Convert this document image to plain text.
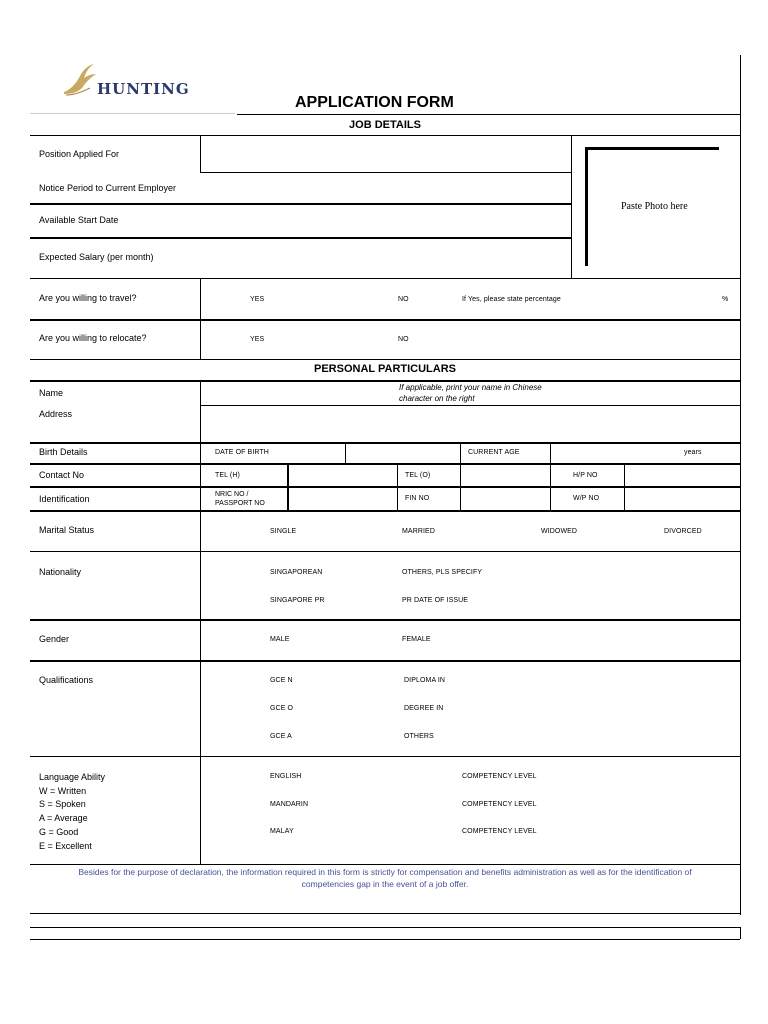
HUNTING
APPLICATION FORM
JOB DETAILS
Position Applied For
Notice Period to Current Employer
Available Start Date
Expected Salary (per month)
Paste Photo here
Are you willing to travel?	YES	NO	If Yes, please state percentage	%
Are you willing to relocate?	YES	NO
PERSONAL PARTICULARS
Name
If applicable, print your name in Chinese
character on the right
Address
Birth Details	DATE OF BIRTH	CURRENT AGE	years
Contact No	TEL (H)	TEL (O)	H/P NO
Identification	NRIC NO /
PASSPORT NO
FIN NO	W/P NO
Marital Status	SINGLE	MARRIED	WIDOWED	DIVORCED
Nationality	SINGAPOREAN	OTHERS, PLS SPECIFY
SINGAPORE PR	PR DATE OF ISSUE
Gender	MALE	FEMALE
Qualifications	GCE N	DIPLOMA IN
GCE O	DEGREE IN
GCE A	OTHERS
Language Ability
W = Written
S = Spoken
A = Average
G = Good
E = Excellent
ENGLISH	COMPETENCY LEVEL
MANDARIN	COMPETENCY LEVEL
MALAY	COMPETENCY LEVEL
Besides for the purpose of declaration, the information required in this form is strictly for compensation and benefits administration as well as for the identification of
competencies gap in the event of a job offer.
